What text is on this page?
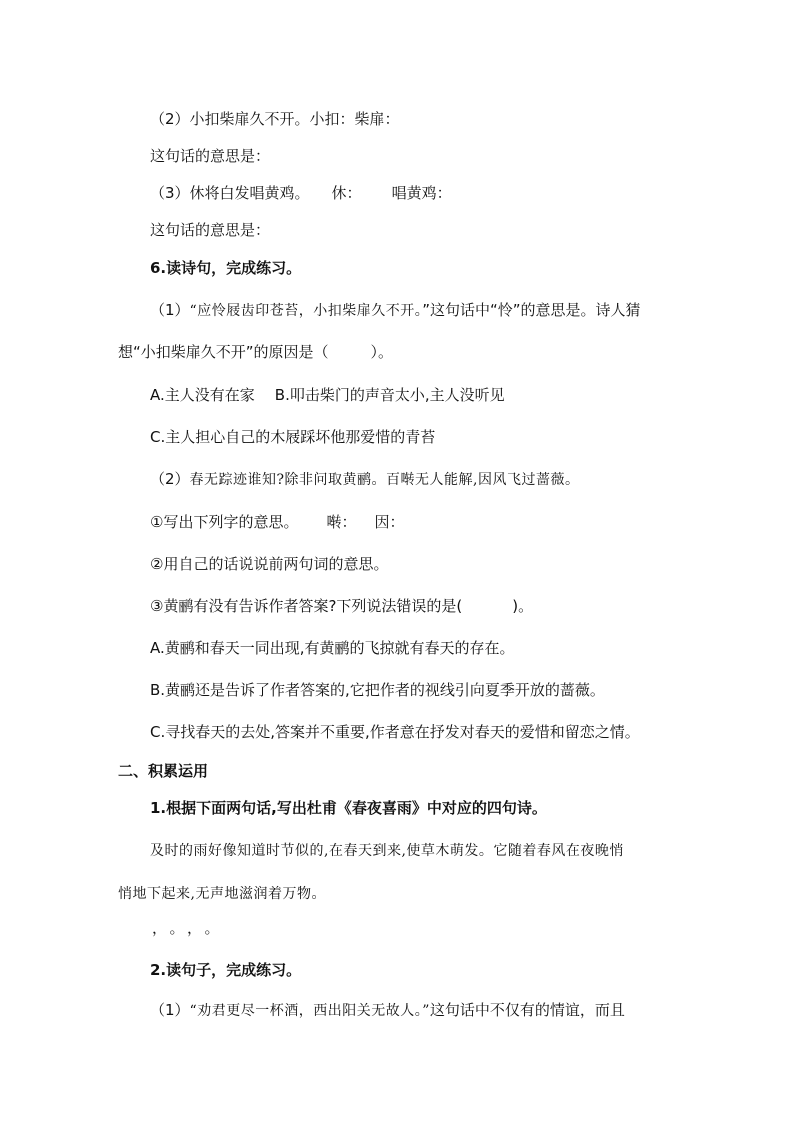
（2）小扣柴扉久不开。小扣：柴扉：
这句话的意思是：
（3）休将白发唱黄鸡。 休： 唱黄鸡：
这句话的意思是：
6.读诗句，完成练习。
（1）“应怜屐齿印苍苔，小扣柴扉久不开。”这句话中“怜”的意思是。诗人猜
想“小扣柴扉久不开”的原因是（	）。
A.主人没有在家 B.叩击柴门的声音太小,主人没听见
C.主人担心自己的木屐踩坏他那爱惜的青苔
（2）春无踪迹谁知?除非问取黄鹂。百啭无人能解,因风飞过蔷薇。
①写出下列字的意思。 啭： 因：
②用自己的话说说前两句词的意思。
③黄鹂有没有告诉作者答案?下列说法错误的是(	)。
A.黄鹂和春天一同出现,有黄鹂的飞掠就有春天的存在。
B.黄鹂还是告诉了作者答案的,它把作者的视线引向夏季开放的蔷薇。
C.寻找春天的去处,答案并不重要,作者意在抒发对春天的爱惜和留恋之情。
二、积累运用
1.根据下面两句话,写出杜甫《春夜喜雨》中对应的四句诗。
及时的雨好像知道时节似的,在春天到来,使草木萌发。它随着春风在夜晚悄
悄地下起来,无声地滋润着万物。
，。，。
2.读句子，完成练习。
（1）“劝君更尽一杯酒，西出阳关无故人。”这句话中不仅有的情谊，而且
